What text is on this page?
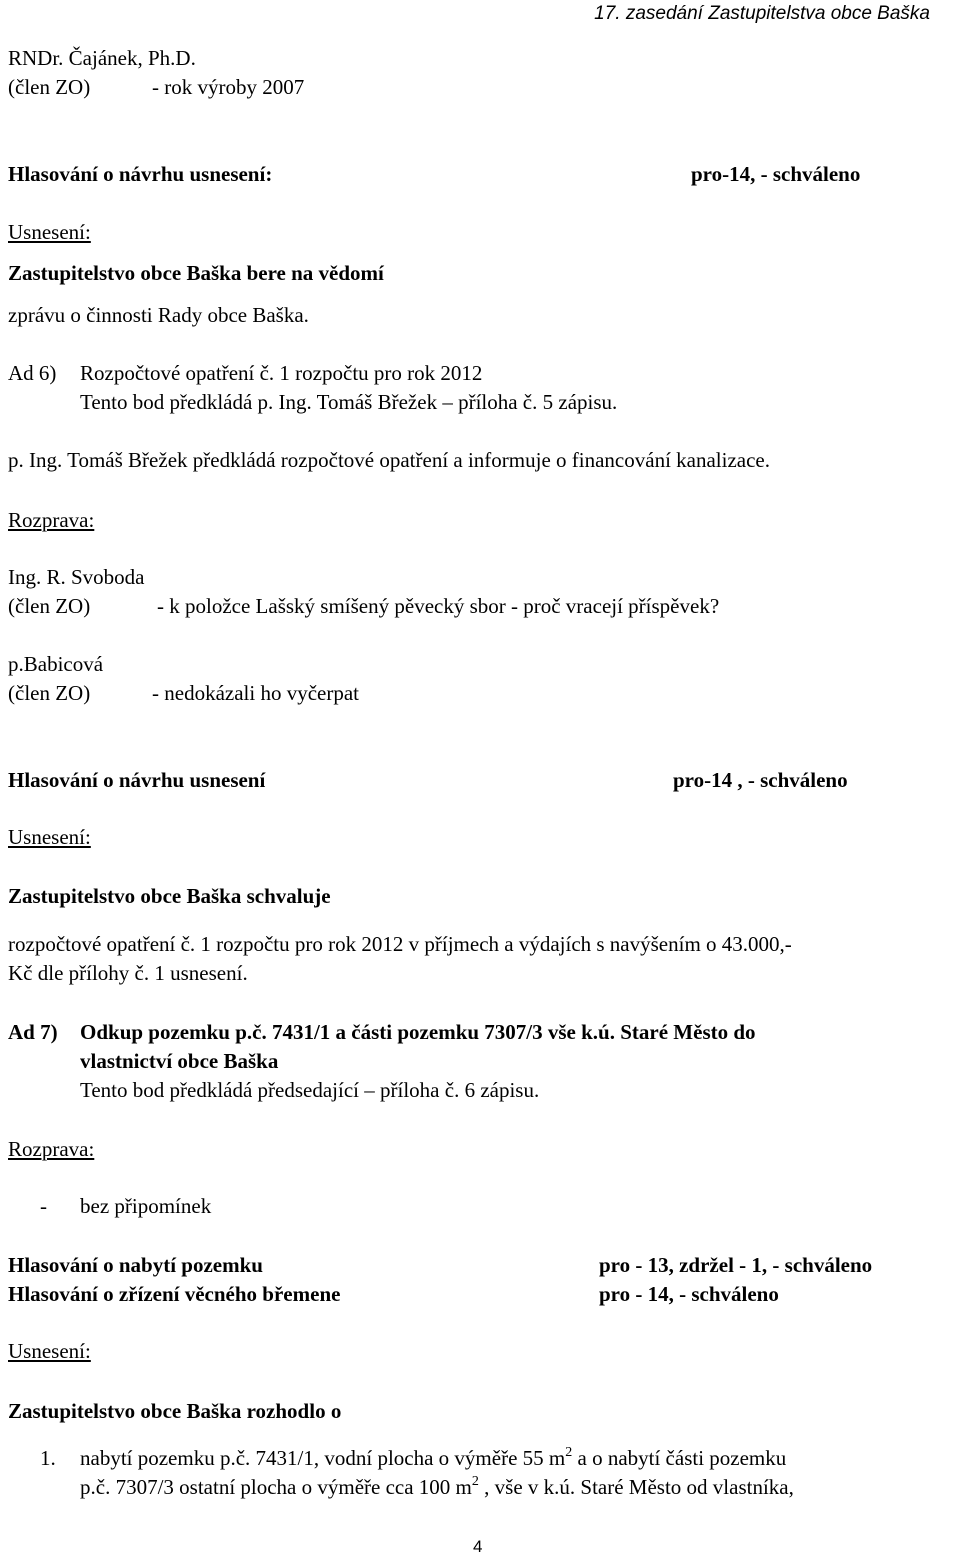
17. zasedání Zastupitelstva obce Baška
RNDr. Čajánek, Ph.D.
(člen ZO)	- rok výroby 2007
Hlasování o návrhu usnesení:	pro-14, - schváleno
Usnesení:
Zastupitelstvo obce Baška bere na vědomí
zprávu o činnosti Rady obce Baška.
Ad 6) Rozpočtové opatření č. 1 rozpočtu pro rok 2012
Tento bod předkládá p. Ing. Tomáš Břežek – příloha č. 5 zápisu.
p. Ing. Tomáš Břežek předkládá rozpočtové opatření a informuje o financování kanalizace.
Rozprava:
Ing. R. Svoboda
(člen ZO)	- k položce Lašský smíšený pěvecký sbor - proč vracejí příspěvek?
p.Babicová
(člen ZO)	- nedokázali ho vyčerpat
Hlasování o návrhu usnesení	pro-14 , - schváleno
Usnesení:
Zastupitelstvo obce Baška schvaluje
rozpočtové opatření č. 1 rozpočtu pro rok 2012 v příjmech a výdajích s navýšením o 43.000,-
Kč dle přílohy č. 1 usnesení.
Ad 7) Odkup pozemku p.č. 7431/1 a části pozemku 7307/3 vše k.ú. Staré Město do
vlastnictví obce Baška
Tento bod předkládá předsedající – příloha č. 6 zápisu.
Rozprava:
- bez připomínek
Hlasování o nabytí pozemku	pro - 13, zdržel - 1, - schváleno
Hlasování o zřízení věcného břemene	pro - 14, - schváleno
Usnesení:
Zastupitelstvo obce Baška rozhodlo o
1. nabytí pozemku p.č. 7431/1, vodní plocha o výměře 55 $m^2$ a o nabytí části pozemku
p.č. 7307/3 ostatní plocha o výměře cca 100 $m^2$ , vše v k.ú. Staré Město od vlastníka,
4
